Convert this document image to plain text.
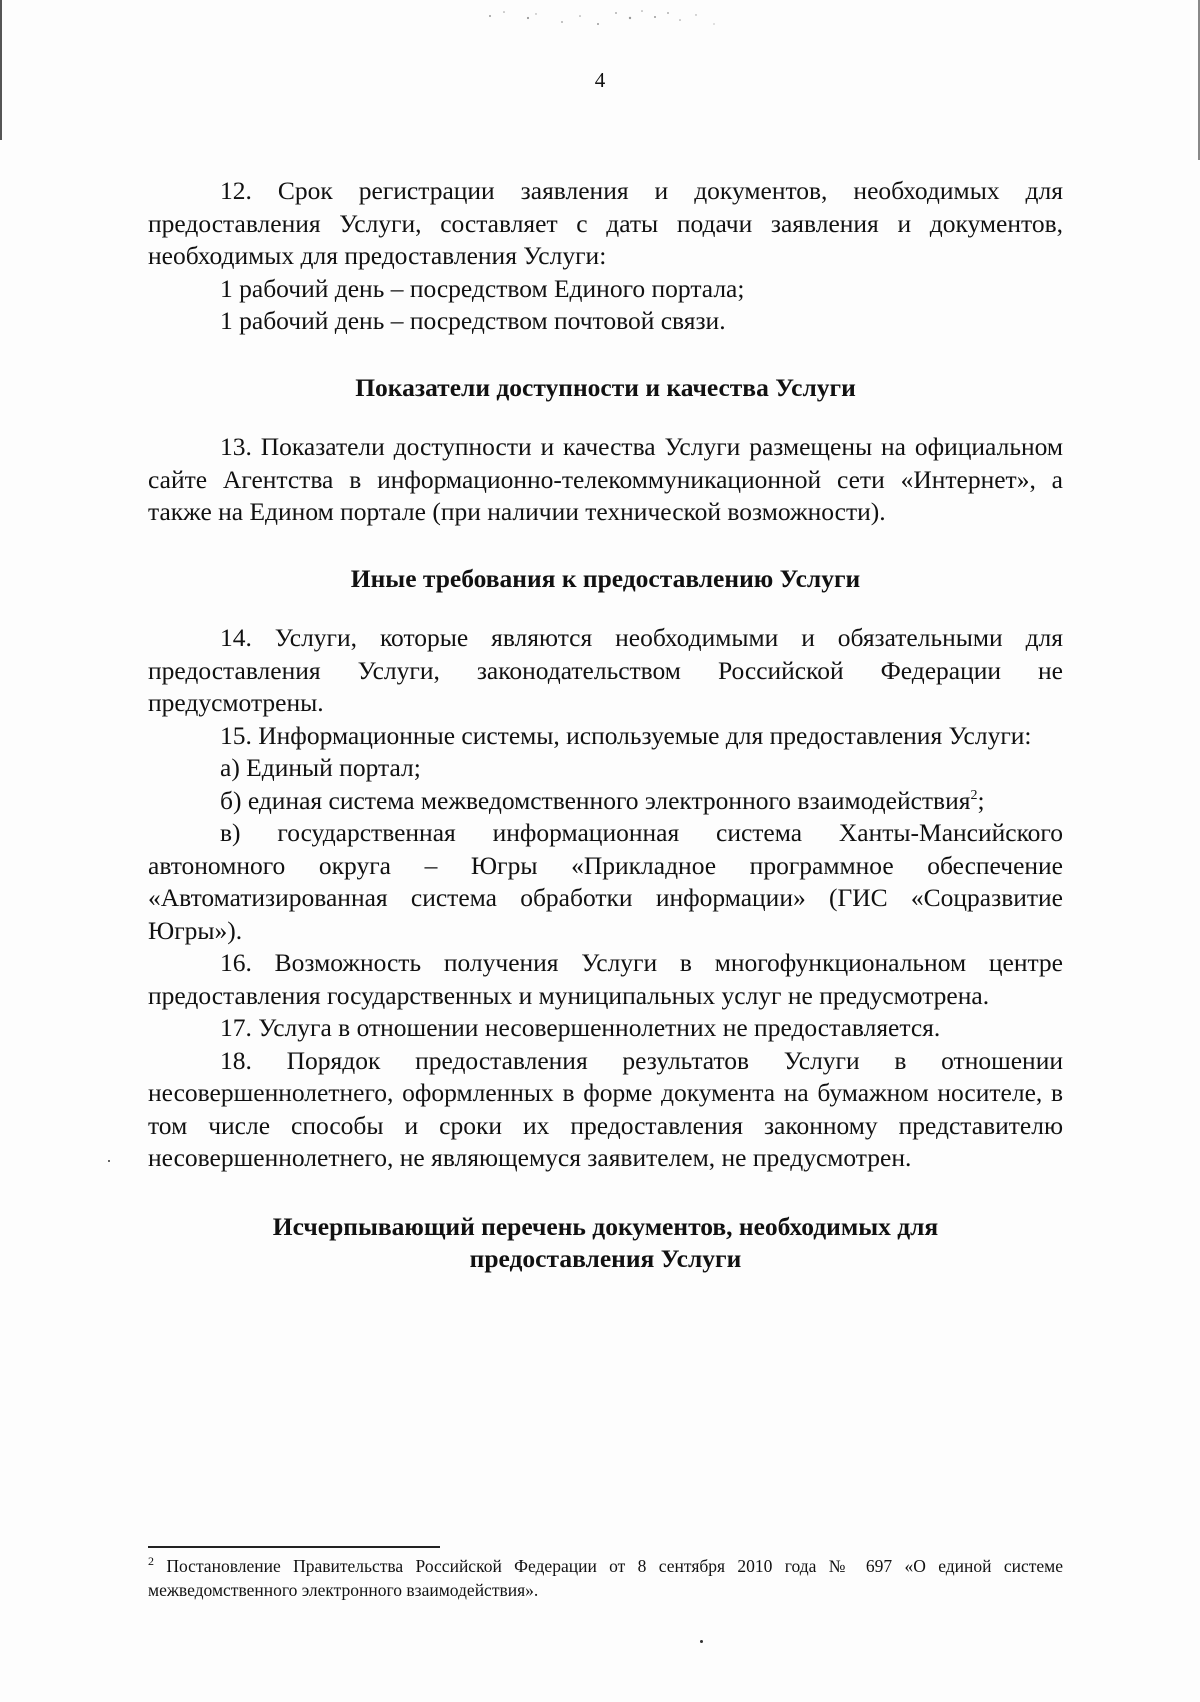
4

12. Срок регистрации заявления и документов, необходимых для предоставления Услуги, составляет с даты подачи заявления и документов, необходимых для предоставления Услуги:

1 рабочий день – посредством Единого портала;

1 рабочий день – посредством почтовой связи.

Показатели доступности и качества Услуги

13. Показатели доступности и качества Услуги размещены на официальном сайте Агентства в информационно-телекоммуникационной сети «Интернет», а также на Едином портале (при наличии технической возможности).

Иные требования к предоставлению Услуги

14. Услуги, которые являются необходимыми и обязательными для предоставления Услуги, законодательством Российской Федерации не предусмотрены.

15. Информационные системы, используемые для предоставления Услуги:

а) Единый портал;

б) единая система межведомственного электронного взаимодействия$^2$;

в) государственная информационная система Ханты-Мансийского автономного округа – Югры «Прикладное программное обеспечение «Автоматизированная система обработки информации» (ГИС «Соцразвитие Югры»).

16. Возможность получения Услуги в многофункциональном центре предоставления государственных и муниципальных услуг не предусмотрена.

17. Услуга в отношении несовершеннолетних не предоставляется.

18. Порядок предоставления результатов Услуги в отношении несовершеннолетнего, оформленных в форме документа на бумажном носителе, в том числе способы и сроки их предоставления законному представителю несовершеннолетнего, не являющемуся заявителем, не предусмотрен.

Исчерпывающий перечень документов, необходимых для

предоставления Услуги

$^2$ Постановление Правительства Российской Федерации от 8 сентября 2010 года № 697 «О единой системе межведомственного электронного взаимодействия».
